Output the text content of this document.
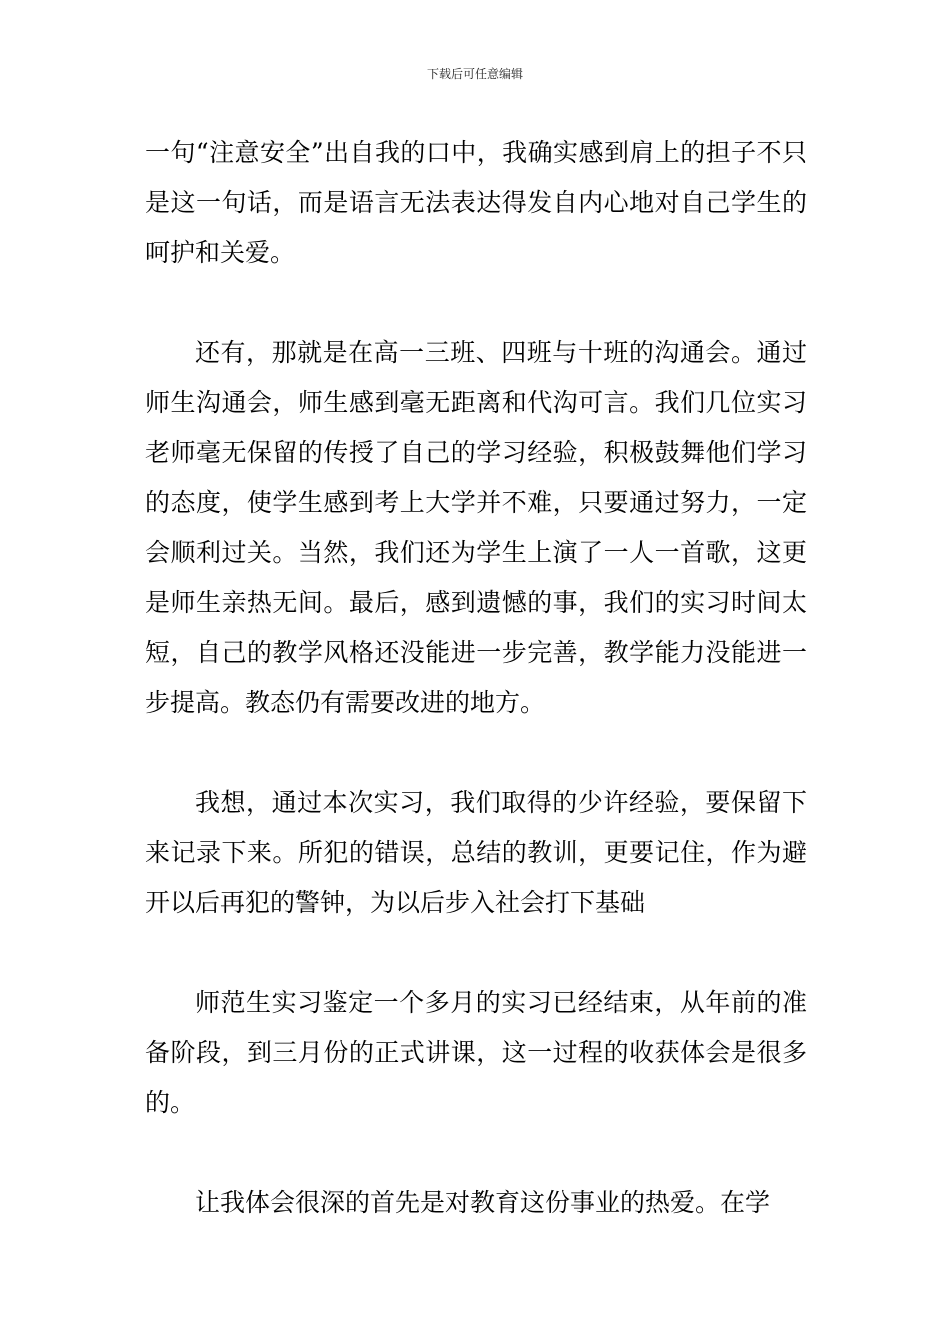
下载后可任意编辑

一句“注意安全”出自我的口中，我确实感到肩上的担子不只是这一句话，而是语言无法表达得发自内心地对自己学生的呵护和关爱。

还有，那就是在高一三班、四班与十班的沟通会。通过师生沟通会，师生感到毫无距离和代沟可言。我们几位实习老师毫无保留的传授了自己的学习经验，积极鼓舞他们学习的态度，使学生感到考上大学并不难，只要通过努力，一定会顺利过关。当然，我们还为学生上演了一人一首歌，这更是师生亲热无间。最后，感到遗憾的事，我们的实习时间太短，自己的教学风格还没能进一步完善，教学能力没能进一步提高。教态仍有需要改进的地方。

我想，通过本次实习，我们取得的少许经验，要保留下来记录下来。所犯的错误，总结的教训，更要记住，作为避开以后再犯的警钟，为以后步入社会打下基础

师范生实习鉴定一个多月的实习已经结束，从年前的准备阶段，到三月份的正式讲课，这一过程的收获体会是很多的。

让我体会很深的首先是对教育这份事业的热爱。在学
